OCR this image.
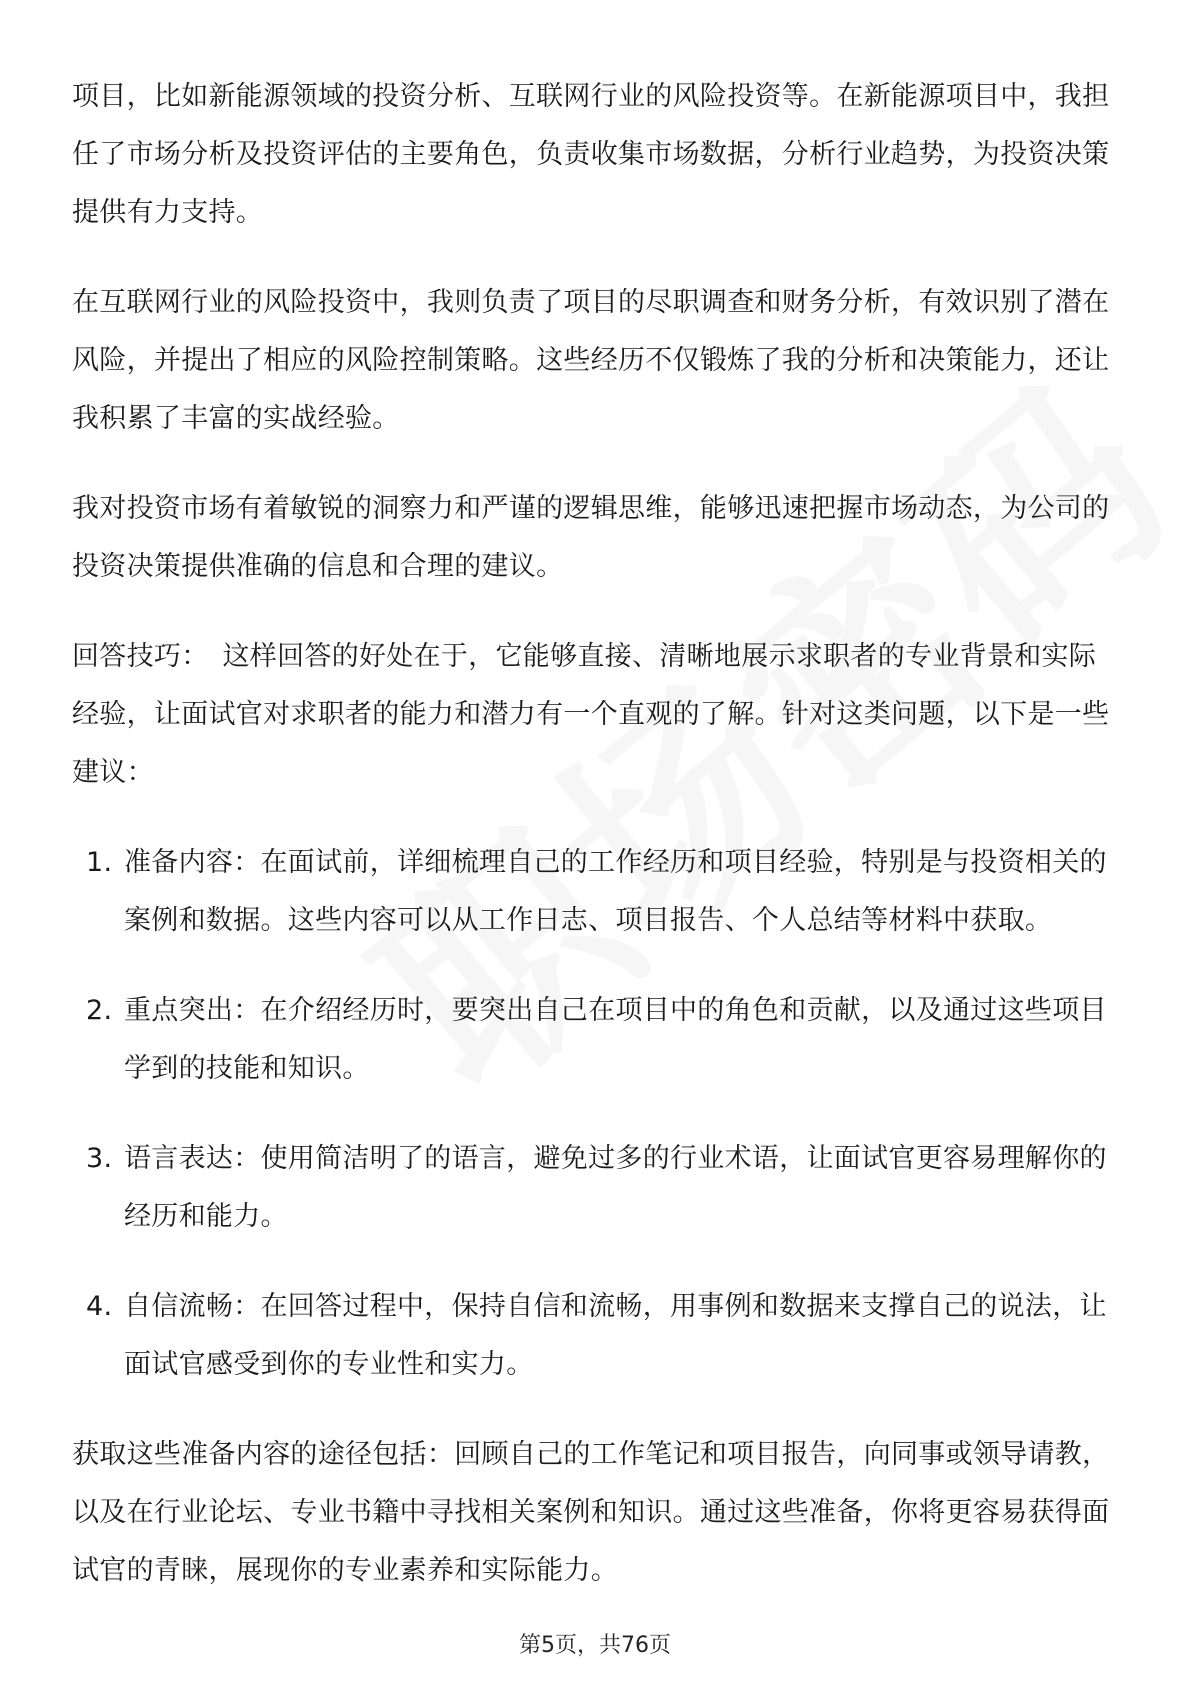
项目，比如新能源领域的投资分析、互联网行业的风险投资等。在新能源项目中，我担任了市场分析及投资评估的主要角色，负责收集市场数据，分析行业趋势，为投资决策提供有力支持。

在互联网行业的风险投资中，我则负责了项目的尽职调查和财务分析，有效识别了潜在风险，并提出了相应的风险控制策略。这些经历不仅锻炼了我的分析和决策能力，还让我积累了丰富的实战经验。

我对投资市场有着敏锐的洞察力和严谨的逻辑思维，能够迅速把握市场动态，为公司的投资决策提供准确的信息和合理的建议。

回答技巧： 这样回答的好处在于，它能够直接、清晰地展示求职者的专业背景和实际经验，让面试官对求职者的能力和潜力有一个直观的了解。针对这类问题，以下是一些建议：

1. 准备内容：在面试前，详细梳理自己的工作经历和项目经验，特别是与投资相关的案例和数据。这些内容可以从工作日志、项目报告、个人总结等材料中获取。
2. 重点突出：在介绍经历时，要突出自己在项目中的角色和贡献，以及通过这些项目学到的技能和知识。
3. 语言表达：使用简洁明了的语言，避免过多的行业术语，让面试官更容易理解你的经历和能力。
4. 自信流畅：在回答过程中，保持自信和流畅，用事例和数据来支撑自己的说法，让面试官感受到你的专业性和实力。

获取这些准备内容的途径包括：回顾自己的工作笔记和项目报告，向同事或领导请教，以及在行业论坛、专业书籍中寻找相关案例和知识。通过这些准备，你将更容易获得面试官的青睐，展现你的专业素养和实际能力。

第5页，共76页
